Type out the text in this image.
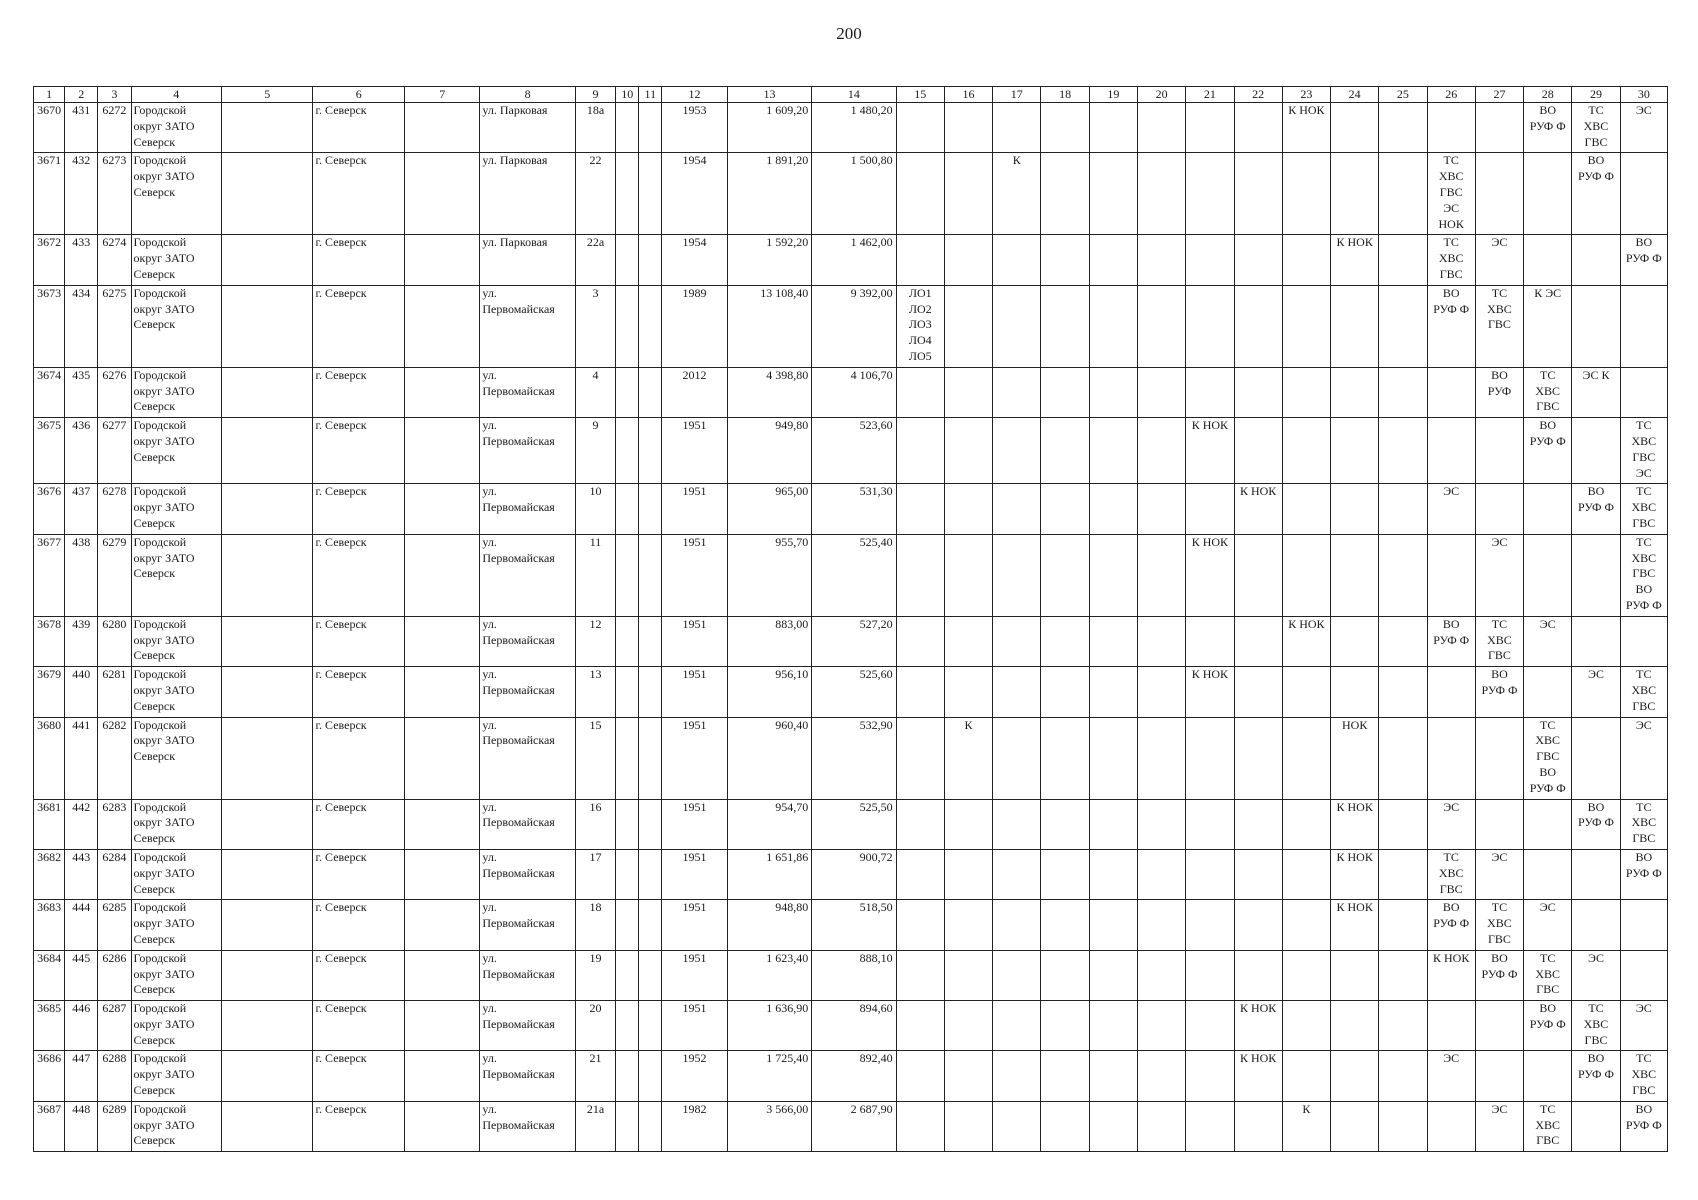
200
1	2	3	4	5	6	7	8	9	10	11	12	13	14	15	16	17	18	19	20	21	22	23	24	25	26	27	28	29	30
3670	431	6272	Городской
округ ЗАТО
Северск		г. Северск		ул. Парковая	18а			1953	1 609,20	1 480,20									К НОК					ВО
РУФ Ф	ТС
ХВС
ГВС	ЭС
3671	432	6273	Городской
округ ЗАТО
Северск		г. Северск		ул. Парковая	22			1954	1 891,20	1 500,80			К									ТС
ХВС
ГВС
ЭС
НОК			ВО
РУФ Ф	
3672	433	6274	Городской
округ ЗАТО
Северск		г. Северск		ул. Парковая	22а			1954	1 592,20	1 462,00										К НОК		ТС
ХВС
ГВС	ЭС			ВО
РУФ Ф
3673	434	6275	Городской
округ ЗАТО
Северск		г. Северск		ул.
Первомайская	3			1989	13 108,40	9 392,00	ЛО1
ЛО2
ЛО3
ЛО4
ЛО5											ВО
РУФ Ф	ТС
ХВС
ГВС	К ЭС		
3674	435	6276	Городской
округ ЗАТО
Северск		г. Северск		ул.
Первомайская	4			2012	4 398,80	4 106,70													ВО
РУФ	ТС
ХВС
ГВС	ЭС К	
3675	436	6277	Городской
округ ЗАТО
Северск		г. Северск		ул.
Первомайская	9			1951	949,80	523,60							К НОК							ВО
РУФ Ф		ТС
ХВС
ГВС
ЭС
3676	437	6278	Городской
округ ЗАТО
Северск		г. Северск		ул.
Первомайская	10			1951	965,00	531,30								К НОК				ЭС			ВО
РУФ Ф	ТС
ХВС
ГВС
3677	438	6279	Городской
округ ЗАТО
Северск		г. Северск		ул.
Первомайская	11			1951	955,70	525,40							К НОК						ЭС			ТС
ХВС
ГВС
ВО
РУФ Ф
3678	439	6280	Городской
округ ЗАТО
Северск		г. Северск		ул.
Первомайская	12			1951	883,00	527,20									К НОК			ВО
РУФ Ф	ТС
ХВС
ГВС	ЭС		
3679	440	6281	Городской
округ ЗАТО
Северск		г. Северск		ул.
Первомайская	13			1951	956,10	525,60							К НОК						ВО
РУФ Ф		ЭС	ТС
ХВС
ГВС
3680	441	6282	Городской
округ ЗАТО
Северск		г. Северск		ул.
Первомайская	15			1951	960,40	532,90		К								НОК				ТС
ХВС
ГВС
ВО
РУФ Ф		ЭС
3681	442	6283	Городской
округ ЗАТО
Северск		г. Северск		ул.
Первомайская	16			1951	954,70	525,50										К НОК		ЭС			ВО
РУФ Ф	ТС
ХВС
ГВС
3682	443	6284	Городской
округ ЗАТО
Северск		г. Северск		ул.
Первомайская	17			1951	1 651,86	900,72										К НОК		ТС
ХВС
ГВС	ЭС			ВО
РУФ Ф
3683	444	6285	Городской
округ ЗАТО
Северск		г. Северск		ул.
Первомайская	18			1951	948,80	518,50										К НОК		ВО
РУФ Ф	ТС
ХВС
ГВС	ЭС		
3684	445	6286	Городской
округ ЗАТО
Северск		г. Северск		ул.
Первомайская	19			1951	1 623,40	888,10												К НОК	ВО
РУФ Ф	ТС
ХВС
ГВС	ЭС	
3685	446	6287	Городской
округ ЗАТО
Северск		г. Северск		ул.
Первомайская	20			1951	1 636,90	894,60								К НОК						ВО
РУФ Ф	ТС
ХВС
ГВС	ЭС
3686	447	6288	Городской
округ ЗАТО
Северск		г. Северск		ул.
Первомайская	21			1952	1 725,40	892,40								К НОК				ЭС			ВО
РУФ Ф	ТС
ХВС
ГВС
3687	448	6289	Городской
округ ЗАТО
Северск		г. Северск		ул.
Первомайская	21а			1982	3 566,00	2 687,90									К				ЭС	ТС
ХВС
ГВС		ВО
РУФ Ф
